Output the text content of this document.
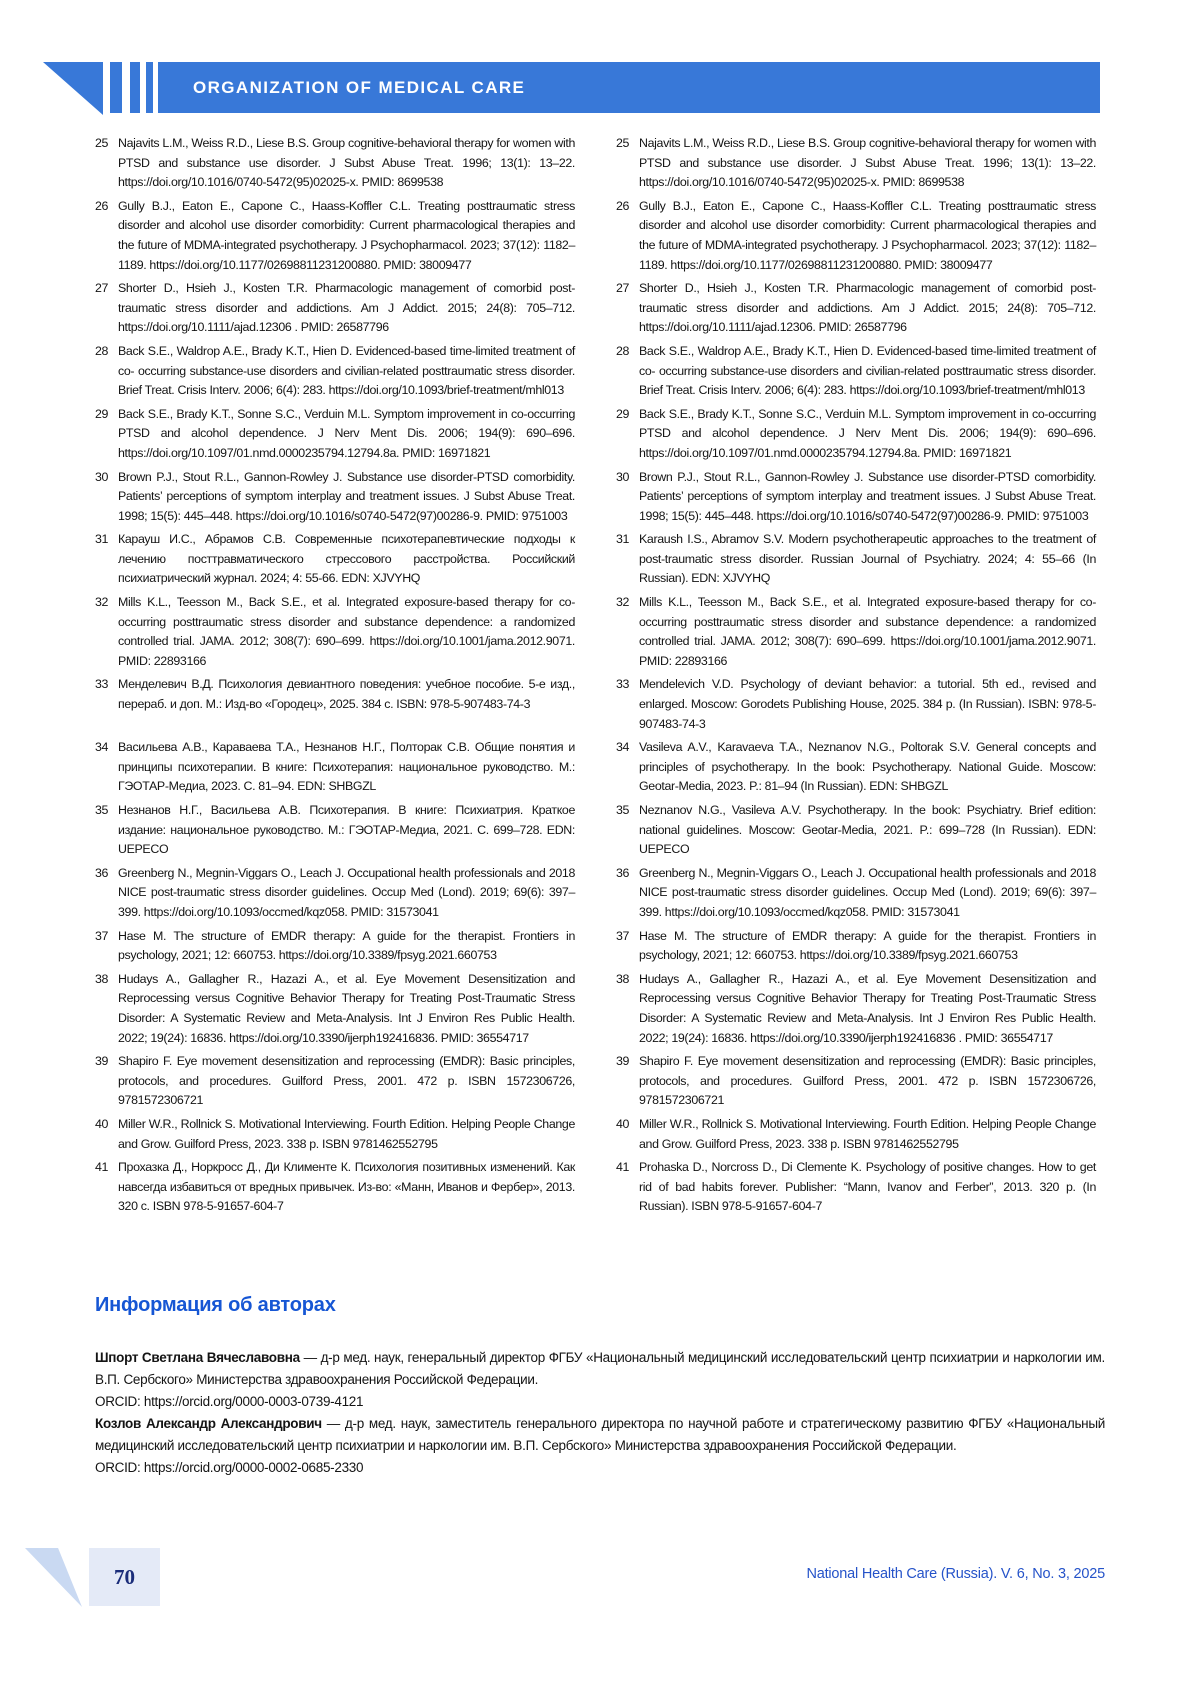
ORGANIZATION OF MEDICAL CARE
25 Najavits L.M., Weiss R.D., Liese B.S. Group cognitive-behavioral therapy for women with PTSD and substance use disorder. J Subst Abuse Treat. 1996; 13(1): 13–22. https://doi.org/10.1016/0740-5472(95)02025-x. PMID: 8699538
25 Najavits L.M., Weiss R.D., Liese B.S. Group cognitive-behavioral therapy for women with PTSD and substance use disorder. J Subst Abuse Treat. 1996; 13(1): 13–22. https://doi.org/10.1016/0740-5472(95)02025-x. PMID: 8699538
26 Gully B.J., Eaton E., Capone C., Haass-Koffler C.L. Treating posttraumatic stress disorder and alcohol use disorder comorbidity: Current pharmacological therapies and the future of MDMA-integrated psychotherapy. J Psychopharmacol. 2023; 37(12): 1182–1189. https://doi.org/10.1177/02698811231200880. PMID: 38009477
26 Gully B.J., Eaton E., Capone C., Haass-Koffler C.L. Treating posttraumatic stress disorder and alcohol use disorder comorbidity: Current pharmacological therapies and the future of MDMA-integrated psychotherapy. J Psychopharmacol. 2023; 37(12): 1182–1189. https://doi.org/10.1177/02698811231200880. PMID: 38009477
27 Shorter D., Hsieh J., Kosten T.R. Pharmacologic management of comorbid post-traumatic stress disorder and addictions. Am J Addict. 2015; 24(8): 705–712. https://doi.org/10.1111/ajad.12306 . PMID: 26587796
27 Shorter D., Hsieh J., Kosten T.R. Pharmacologic management of comorbid post-traumatic stress disorder and addictions. Am J Addict. 2015; 24(8): 705–712. https://doi.org/10.1111/ajad.12306. PMID: 26587796
28 Back S.E., Waldrop A.E., Brady K.T., Hien D. Evidenced-based time-limited treatment of co- occurring substance-use disorders and civilian-related posttraumatic stress disorder. Brief Treat. Crisis Interv. 2006; 6(4): 283. https://doi.org/10.1093/brief-treatment/mhl013
28 Back S.E., Waldrop A.E., Brady K.T., Hien D. Evidenced-based time-limited treatment of co- occurring substance-use disorders and civilian-related posttraumatic stress disorder. Brief Treat. Crisis Interv. 2006; 6(4): 283. https://doi.org/10.1093/brief-treatment/mhl013
29 Back S.E., Brady K.T., Sonne S.C., Verduin M.L. Symptom improvement in co-occurring PTSD and alcohol dependence. J Nerv Ment Dis. 2006; 194(9): 690–696. https://doi.org/10.1097/01.nmd.0000235794.12794.8a. PMID: 16971821
29 Back S.E., Brady K.T., Sonne S.C., Verduin M.L. Symptom improvement in co-occurring PTSD and alcohol dependence. J Nerv Ment Dis. 2006; 194(9): 690–696. https://doi.org/10.1097/01.nmd.0000235794.12794.8a. PMID: 16971821
30 Brown P.J., Stout R.L., Gannon-Rowley J. Substance use disorder-PTSD comorbidity. Patients’ perceptions of symptom interplay and treatment issues. J Subst Abuse Treat. 1998; 15(5): 445–448. https://doi.org/10.1016/s0740-5472(97)00286-9. PMID: 9751003
30 Brown P.J., Stout R.L., Gannon-Rowley J. Substance use disorder-PTSD comorbidity. Patients’ perceptions of symptom interplay and treatment issues. J Subst Abuse Treat. 1998; 15(5): 445–448. https://doi.org/10.1016/s0740-5472(97)00286-9. PMID: 9751003
31 Карауш И.С., Абрамов С.В. Современные психотерапевтические подходы к лечению посттравматического стрессового расстройства. Российский психиатрический журнал. 2024; 4: 55-66. EDN: XJVYHQ
31 Karaush I.S., Abramov S.V. Modern psychotherapeutic approaches to the treatment of post-traumatic stress disorder. Russian Journal of Psychiatry. 2024; 4: 55–66 (In Russian). EDN: XJVYHQ
32 Mills K.L., Teesson M., Back S.E., et al. Integrated exposure-based therapy for co-occurring posttraumatic stress disorder and substance dependence: a randomized controlled trial. JAMA. 2012; 308(7): 690–699. https://doi.org/10.1001/jama.2012.9071. PMID: 22893166
32 Mills K.L., Teesson M., Back S.E., et al. Integrated exposure-based therapy for co-occurring posttraumatic stress disorder and substance dependence: a randomized controlled trial. JAMA. 2012; 308(7): 690–699. https://doi.org/10.1001/jama.2012.9071. PMID: 22893166
33 Менделевич В.Д. Психология девиантного поведения: учебное пособие. 5-е изд., перераб. и доп. М.: Изд-во «Городец», 2025. 384 с. ISBN: 978-5-907483-74-3
33 Mendelevich V.D. Psychology of deviant behavior: a tutorial. 5th ed., revised and enlarged. Moscow: Gorodets Publishing House, 2025. 384 p. (In Russian). ISBN: 978-5-907483-74-3
34 Васильева А.В., Караваева Т.А., Незнанов Н.Г., Полторак С.В. Общие понятия и принципы психотерапии. В книге: Психотерапия: национальное руководство. М.: ГЭОТАР-Медиа, 2023. С. 81–94. EDN: SHBGZL
34 Vasileva A.V., Karavaeva T.A., Neznanov N.G., Poltorak S.V. General concepts and principles of psychotherapy. In the book: Psychotherapy. National Guide. Moscow: Geotar-Media, 2023. P.: 81–94 (In Russian). EDN: SHBGZL
35 Незнанов Н.Г., Васильева А.В. Психотерапия. В книге: Психиатрия. Краткое издание: национальное руководство. М.: ГЭОТАР-Медиа, 2021. С. 699–728. EDN: UEPECO
35 Neznanov N.G., Vasileva A.V. Psychotherapy. In the book: Psychiatry. Brief edition: national guidelines. Moscow: Geotar-Media, 2021. P.: 699–728 (In Russian). EDN: UEPECO
36 Greenberg N., Megnin-Viggars O., Leach J. Occupational health professionals and 2018 NICE post-traumatic stress disorder guidelines. Occup Med (Lond). 2019; 69(6): 397–399. https://doi.org/10.1093/occmed/kqz058. PMID: 31573041
36 Greenberg N., Megnin-Viggars O., Leach J. Occupational health professionals and 2018 NICE post-traumatic stress disorder guidelines. Occup Med (Lond). 2019; 69(6): 397–399. https://doi.org/10.1093/occmed/kqz058. PMID: 31573041
37 Hase M. The structure of EMDR therapy: A guide for the therapist. Frontiers in psychology, 2021; 12: 660753. https://doi.org/10.3389/fpsyg.2021.660753
37 Hase M. The structure of EMDR therapy: A guide for the therapist. Frontiers in psychology, 2021; 12: 660753. https://doi.org/10.3389/fpsyg.2021.660753
38 Hudays A., Gallagher R., Hazazi A., et al. Eye Movement Desensitization and Reprocessing versus Cognitive Behavior Therapy for Treating Post-Traumatic Stress Disorder: A Systematic Review and Meta-Analysis. Int J Environ Res Public Health. 2022; 19(24): 16836. https://doi.org/10.3390/ijerph192416836. PMID: 36554717
38 Hudays A., Gallagher R., Hazazi A., et al. Eye Movement Desensitization and Reprocessing versus Cognitive Behavior Therapy for Treating Post-Traumatic Stress Disorder: A Systematic Review and Meta-Analysis. Int J Environ Res Public Health. 2022; 19(24): 16836. https://doi.org/10.3390/ijerph192416836 . PMID: 36554717
39 Shapiro F. Eye movement desensitization and reprocessing (EMDR): Basic principles, protocols, and procedures. Guilford Press, 2001. 472 p. ISBN 1572306726, 9781572306721
39 Shapiro F. Eye movement desensitization and reprocessing (EMDR): Basic principles, protocols, and procedures. Guilford Press, 2001. 472 p. ISBN 1572306726, 9781572306721
40 Miller W.R., Rollnick S. Motivational Interviewing. Fourth Edition. Helping People Change and Grow. Guilford Press, 2023. 338 p. ISBN 9781462552795
40 Miller W.R., Rollnick S. Motivational Interviewing. Fourth Edition. Helping People Change and Grow. Guilford Press, 2023. 338 p. ISBN 9781462552795
41 Прохазка Д., Норкросс Д., Ди Клименте К. Психология позитивных изменений. Как навсегда избавиться от вредных привычек. Из-во: «Манн, Иванов и Фербер», 2013. 320 с. ISBN 978-5-91657-604-7
41 Prohaska D., Norcross D., Di Clemente K. Psychology of positive changes. How to get rid of bad habits forever. Publisher: “Mann, Ivanov and Ferber”, 2013. 320 p. (In Russian). ISBN 978-5-91657-604-7
Информация об авторах

Шпорт Светлана Вячеславовна — д-р мед. наук, генеральный директор ФГБУ «Национальный медицинский исследовательский центр психиатрии и наркологии им. В.П. Сербского» Министерства здравоохранения Российской Федерации.

ORCID: https://orcid.org/0000-0003-0739-4121

Козлов Александр Александрович — д-р мед. наук, заместитель генерального директора по научной работе и стратегическому развитию ФГБУ «Национальный медицинский исследовательский центр психиатрии и наркологии им. В.П. Сербского» Министерства здравоохранения Российской Федерации.

ORCID: https://orcid.org/0000-0002-0685-2330

70	National Health Care (Russia). V. 6, No. 3, 2025
